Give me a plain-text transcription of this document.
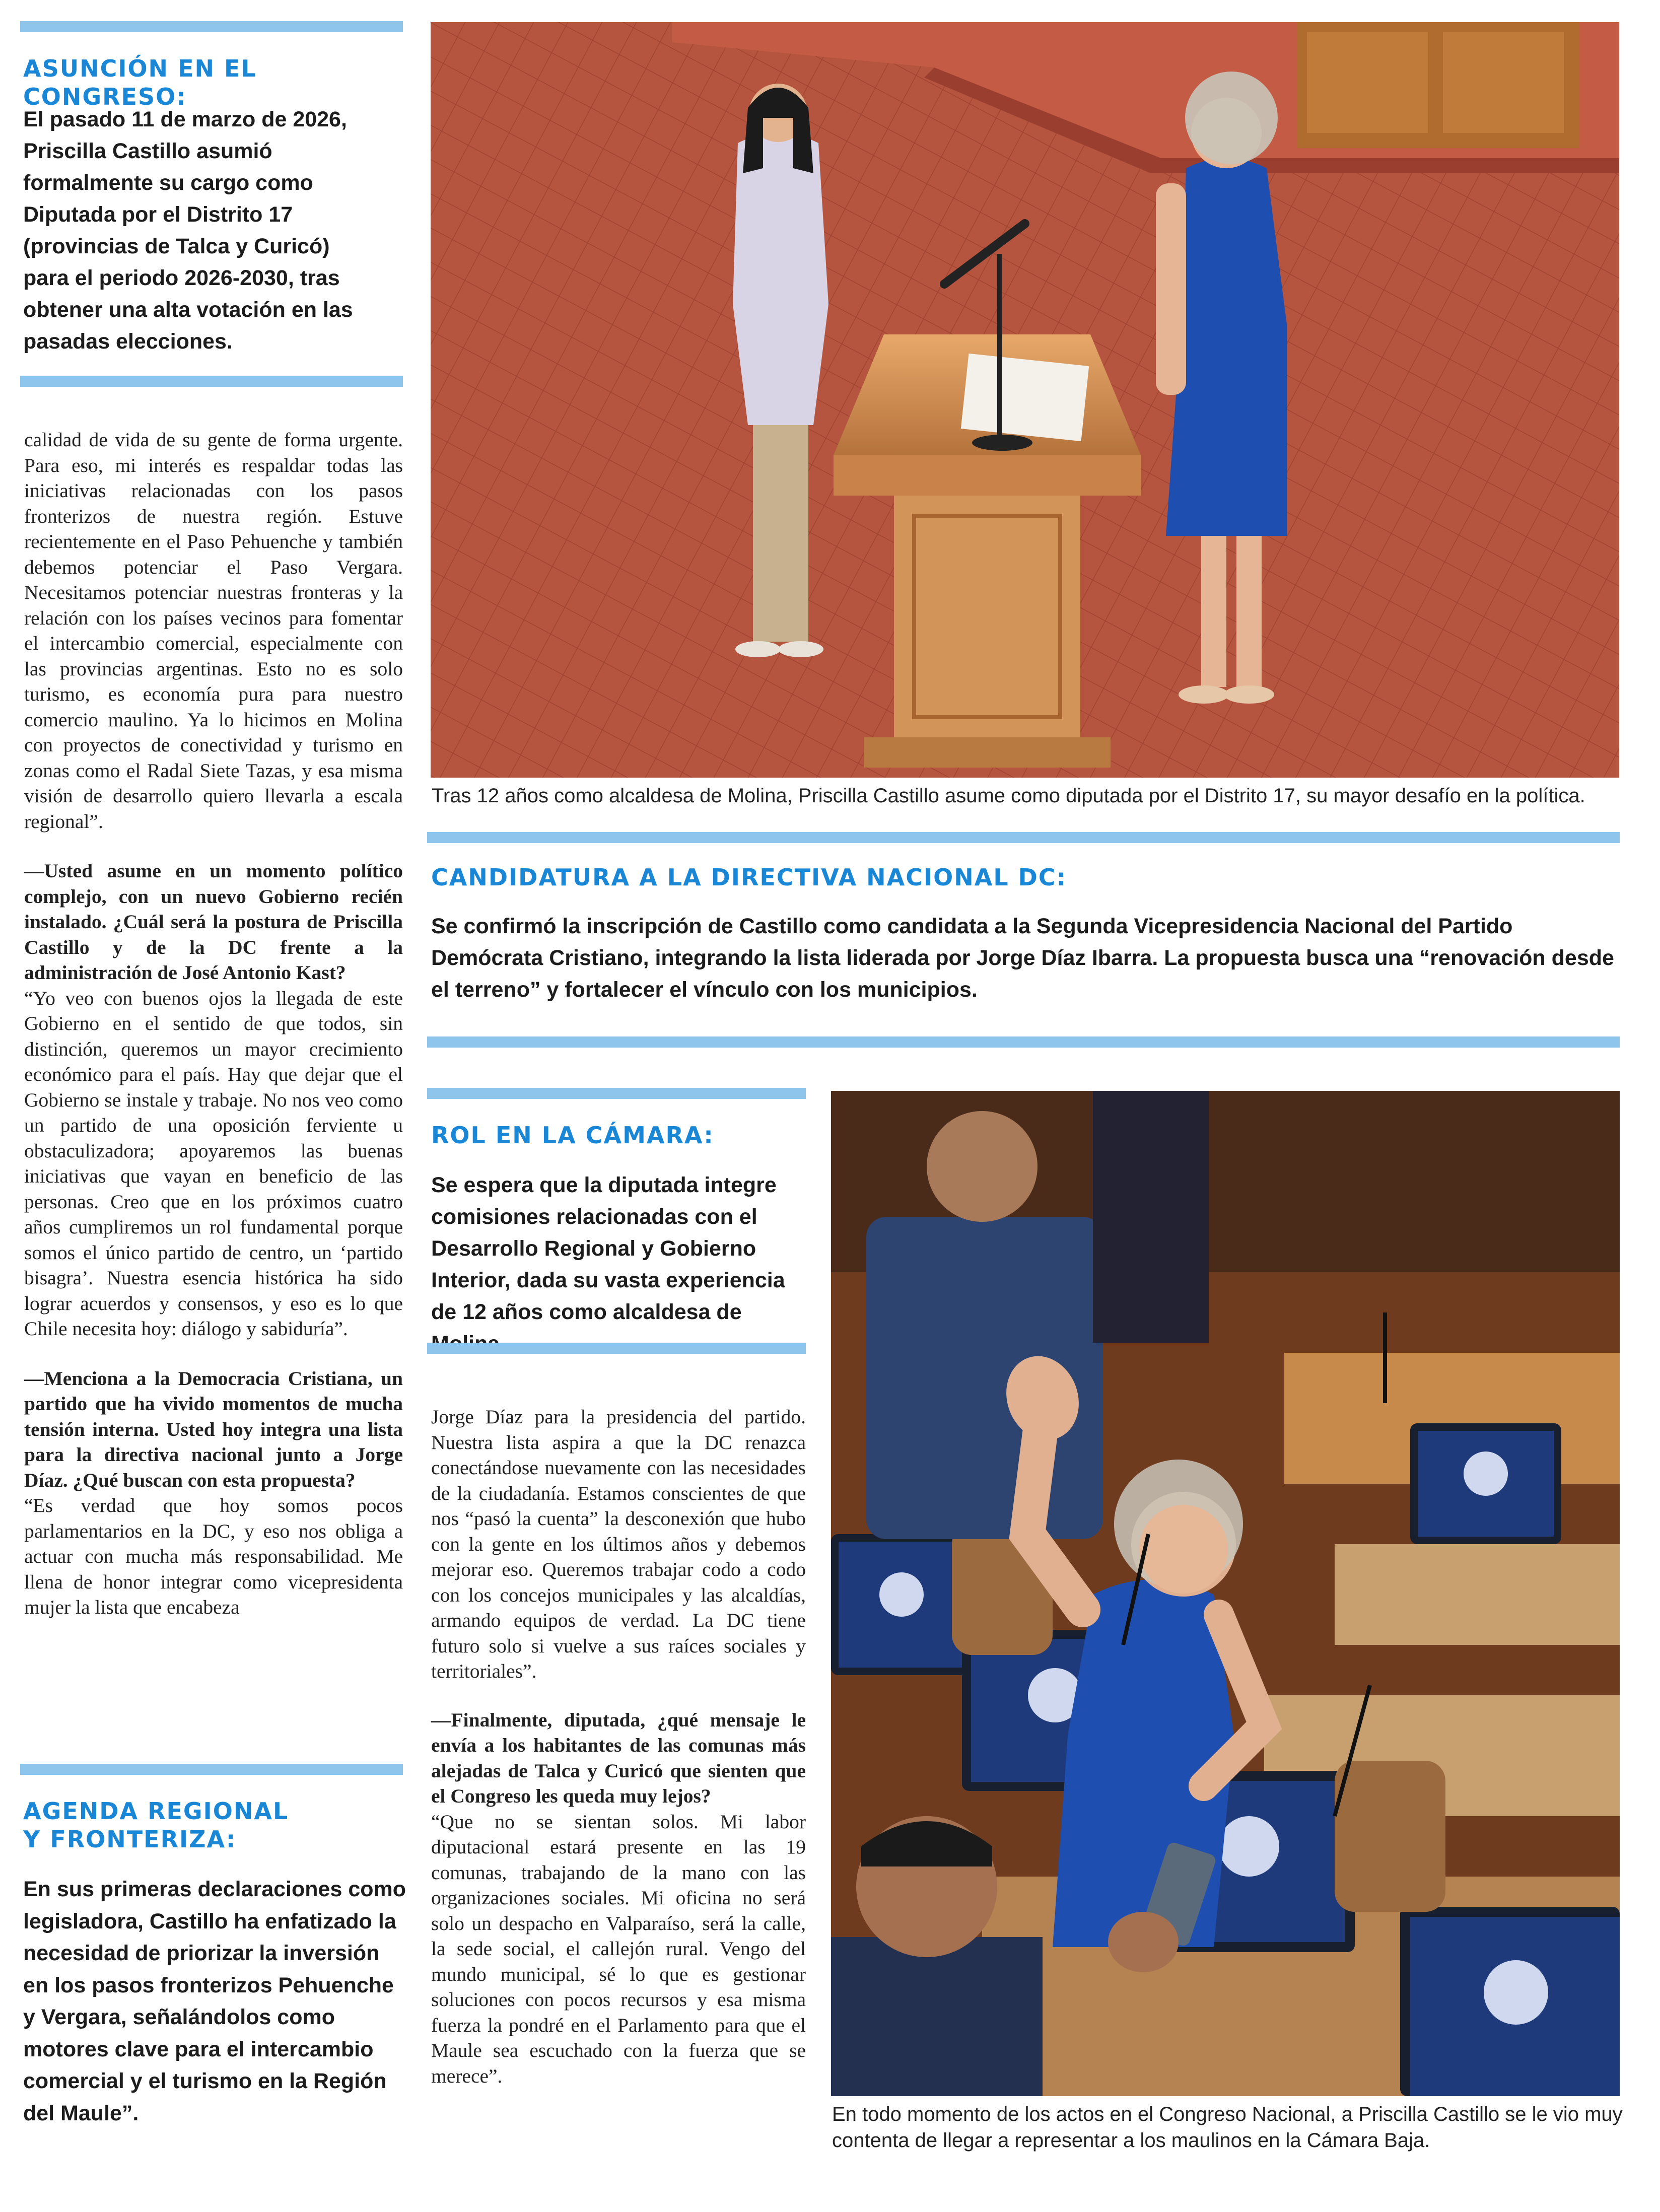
ASUNCIÓN EN EL CONGRESO:

El pasado 11 de marzo de 2026, Priscilla Castillo asumió formalmente su cargo como Diputada por el Distrito 17 (provincias de Talca y Curicó) para el periodo 2026-2030, tras obtener una alta votación en las pasadas elecciones.

calidad de vida de su gente de forma urgente. Para eso, mi interés es respaldar todas las iniciativas relacionadas con los pasos fronterizos de nuestra región. Estuve recientemente en el Paso Pehuenche y también debemos potenciar el Paso Vergara. Necesitamos potenciar nuestras fronteras y la relación con los países vecinos para fomentar el intercambio comercial, especialmente con las provincias argentinas. Esto no es solo turismo, es economía pura para nuestro comercio maulino. Ya lo hicimos en Molina con proyectos de conectividad y turismo en zonas como el Radal Siete Tazas, y esa misma visión de desarrollo quiero llevarla a escala regional”.

—Usted asume en un momento político complejo, con un nuevo Gobierno recién instalado. ¿Cuál será la postura de Priscilla Castillo y de la DC frente a la administración de José Antonio Kast?

“Yo veo con buenos ojos la llegada de este Gobierno en el sentido de que todos, sin distinción, queremos un mayor crecimiento económico para el país. Hay que dejar que el Gobierno se instale y trabaje. No nos veo como un partido de una oposición ferviente u obstaculizadora; apoyaremos las buenas iniciativas que vayan en beneficio de las personas. Creo que en los próximos cuatro años cumpliremos un rol fundamental porque somos el único partido de centro, un ‘partido bisagra’. Nuestra esencia histórica ha sido lograr acuerdos y consensos, y eso es lo que Chile necesita hoy: diálogo y sabiduría”.

—Menciona a la Democracia Cristiana, un partido que ha vivido momentos de mucha tensión interna. Usted hoy integra una lista para la directiva nacional junto a Jorge Díaz. ¿Qué buscan con esta propuesta?

“Es verdad que hoy somos pocos parlamentarios en la DC, y eso nos obliga a actuar con mucha más responsabilidad. Me llena de honor integrar como vicepresidenta mujer la lista que encabeza

AGENDA REGIONAL
Y FRONTERIZA:

En sus primeras declaraciones como legisladora, Castillo ha enfatizado la necesidad de priorizar la inversión en los pasos fronterizos Pehuenche y Vergara, señalándolos como motores clave para el intercambio comercial y el turismo en la Región del Maule”.

Tras 12 años como alcaldesa de Molina, Priscilla Castillo asume como diputada por el Distrito 17, su mayor desafío en la política.

CANDIDATURA A LA DIRECTIVA NACIONAL DC:

Se confirmó la inscripción de Castillo como candidata a la Segunda Vicepresidencia Nacional del Partido Demócrata Cristiano, integrando la lista liderada por Jorge Díaz Ibarra. La propuesta busca una “renovación desde el terreno” y fortalecer el vínculo con los municipios.

ROL EN LA CÁMARA:

Se espera que la diputada integre comisiones relacionadas con el Desarrollo Regional y Gobierno Interior, dada su vasta experiencia de 12 años como alcaldesa de

Jorge Díaz para la presidencia del partido. Nuestra lista aspira a que la DC renazca conectándose nuevamente con las necesidades de la ciudadanía. Estamos conscientes de que nos “pasó la cuenta” la desconexión que hubo con la gente en los últimos años y debemos mejorar eso. Queremos trabajar codo a codo con los concejos municipales y las alcaldías, armando equipos de verdad. La DC tiene futuro solo si vuelve a sus raíces sociales y territoriales”.

—Finalmente, diputada, ¿qué mensaje le envía a los habitantes de las comunas más alejadas de Talca y Curicó que sienten que el Congreso les queda muy lejos?

“Que no se sientan solos. Mi labor diputacional estará presente en las 19 comunas, trabajando de la mano con las organizaciones sociales. Mi oficina no será solo un despacho en Valparaíso, será la calle, la sede social, el callejón rural. Vengo del mundo municipal, sé lo que es gestionar soluciones con pocos recursos y esa misma fuerza la pondré en el Parlamento para que el Maule sea escuchado con la fuerza que se merece”.

En todo momento de los actos en el Congreso Nacional, a Priscilla Castillo se le vio muy contenta de llegar a representar a los maulinos en la Cámara Baja.
